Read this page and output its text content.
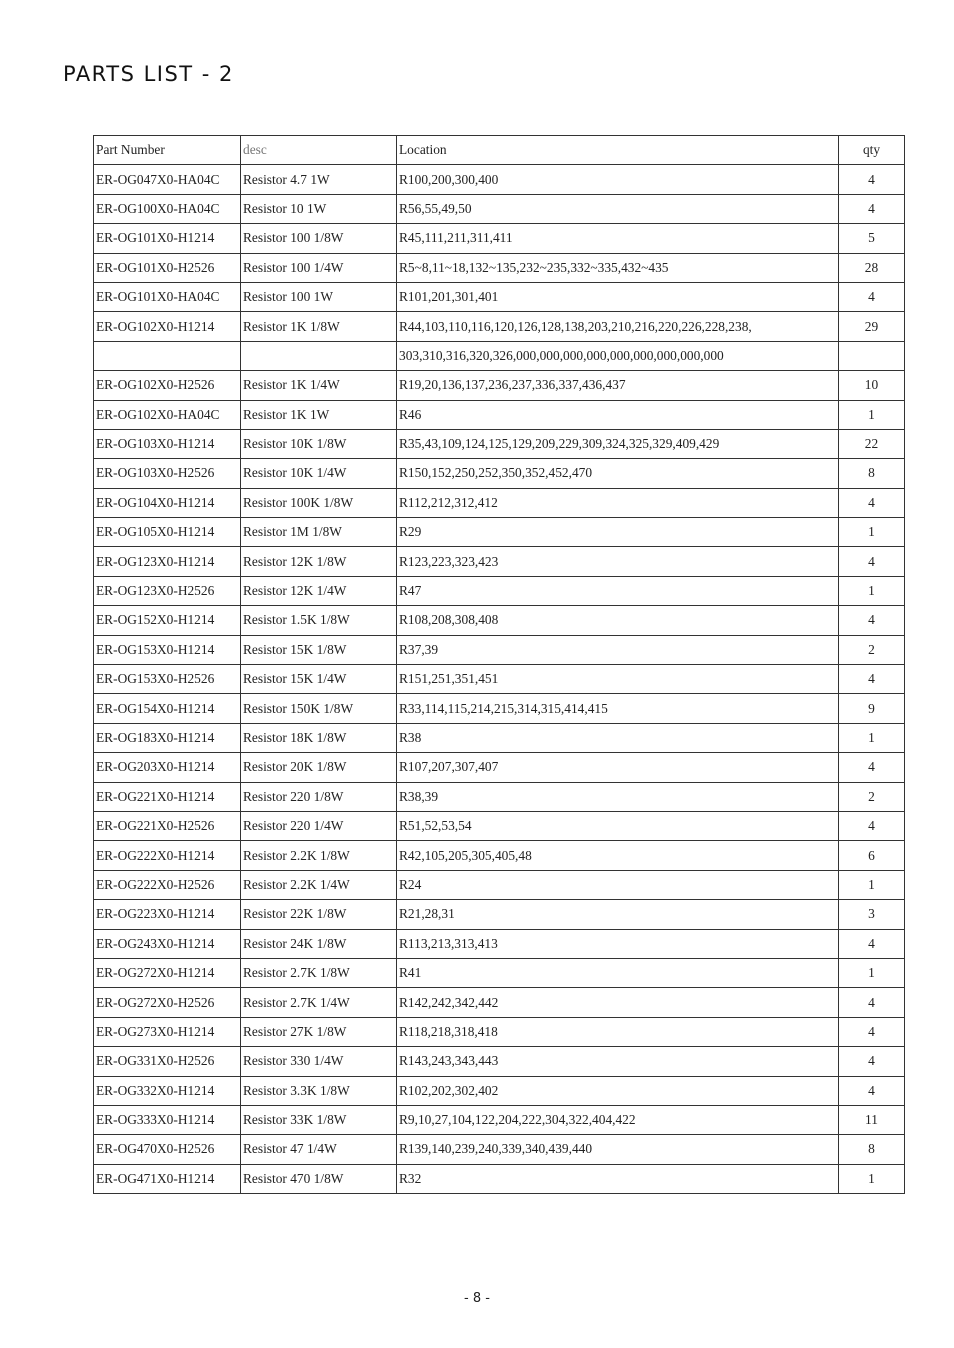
PARTS LIST - 2
Part Number	desc	Location	qty
ER-OG047X0-HA04C	Resistor 4.7 1W	R100,200,300,400	4
ER-OG100X0-HA04C	Resistor 10 1W	R56,55,49,50	4
ER-OG101X0-H1214	Resistor 100 1/8W	R45,111,211,311,411	5
ER-OG101X0-H2526	Resistor 100 1/4W	R5~8,11~18,132~135,232~235,332~335,432~435	28
ER-OG101X0-HA04C	Resistor 100 1W	R101,201,301,401	4
ER-OG102X0-H1214	Resistor 1K 1/8W	R44,103,110,116,120,126,128,138,203,210,216,220,226,228,238,	29
		303,310,316,320,326,000,000,000,000,000,000,000,000,000	
ER-OG102X0-H2526	Resistor 1K 1/4W	R19,20,136,137,236,237,336,337,436,437	10
ER-OG102X0-HA04C	Resistor 1K 1W	R46	1
ER-OG103X0-H1214	Resistor 10K 1/8W	R35,43,109,124,125,129,209,229,309,324,325,329,409,429	22
ER-OG103X0-H2526	Resistor 10K 1/4W	R150,152,250,252,350,352,452,470	8
ER-OG104X0-H1214	Resistor 100K 1/8W	R112,212,312,412	4
ER-OG105X0-H1214	Resistor 1M 1/8W	R29	1
ER-OG123X0-H1214	Resistor 12K 1/8W	R123,223,323,423	4
ER-OG123X0-H2526	Resistor 12K 1/4W	R47	1
ER-OG152X0-H1214	Resistor 1.5K 1/8W	R108,208,308,408	4
ER-OG153X0-H1214	Resistor 15K 1/8W	R37,39	2
ER-OG153X0-H2526	Resistor 15K 1/4W	R151,251,351,451	4
ER-OG154X0-H1214	Resistor 150K 1/8W	R33,114,115,214,215,314,315,414,415	9
ER-OG183X0-H1214	Resistor 18K 1/8W	R38	1
ER-OG203X0-H1214	Resistor 20K 1/8W	R107,207,307,407	4
ER-OG221X0-H1214	Resistor 220 1/8W	R38,39	2
ER-OG221X0-H2526	Resistor 220 1/4W	R51,52,53,54	4
ER-OG222X0-H1214	Resistor 2.2K 1/8W	R42,105,205,305,405,48	6
ER-OG222X0-H2526	Resistor 2.2K 1/4W	R24	1
ER-OG223X0-H1214	Resistor 22K 1/8W	R21,28,31	3
ER-OG243X0-H1214	Resistor 24K 1/8W	R113,213,313,413	4
ER-OG272X0-H1214	Resistor 2.7K 1/8W	R41	1
ER-OG272X0-H2526	Resistor 2.7K 1/4W	R142,242,342,442	4
ER-OG273X0-H1214	Resistor 27K 1/8W	R118,218,318,418	4
ER-OG331X0-H2526	Resistor 330 1/4W	R143,243,343,443	4
ER-OG332X0-H1214	Resistor 3.3K 1/8W	R102,202,302,402	4
ER-OG333X0-H1214	Resistor 33K 1/8W	R9,10,27,104,122,204,222,304,322,404,422	11
ER-OG470X0-H2526	Resistor 47 1/4W	R139,140,239,240,339,340,439,440	8
ER-OG471X0-H1214	Resistor 470 1/8W	R32	1
- 8 -
